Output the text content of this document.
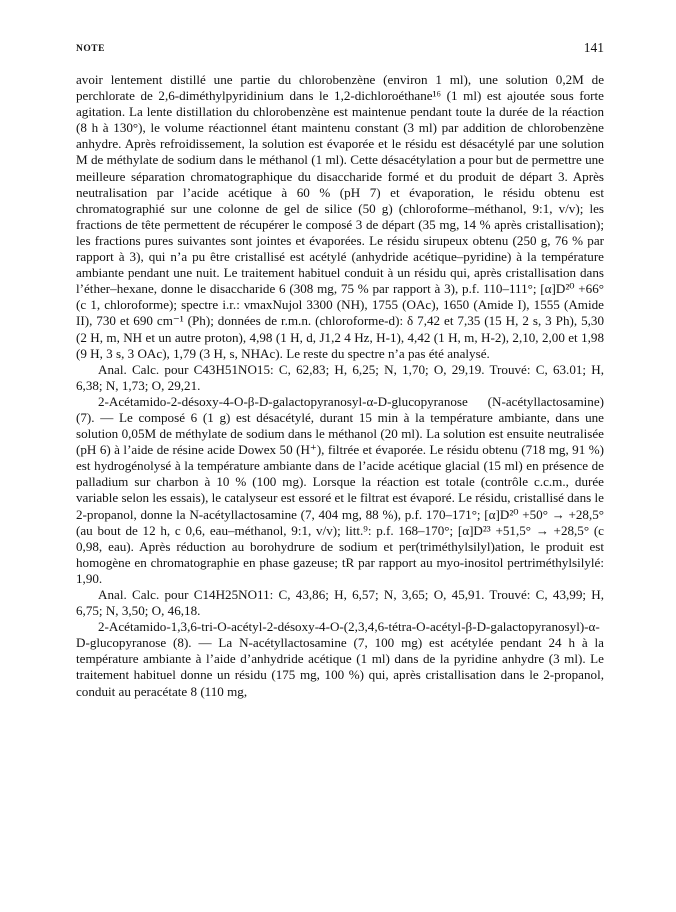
NOTE	141

avoir lentement distillé une partie du chlorobenzène (environ 1 ml), une solution 0,2M de perchlorate de 2,6-diméthylpyridinium dans le 1,2-dichloroéthane¹⁶ (1 ml) est ajoutée sous forte agitation. La lente distillation du chlorobenzène est maintenue pendant toute la durée de la réaction (8 h à 130°), le volume réactionnel étant maintenu constant (3 ml) par addition de chlorobenzène anhydre. Après refroidissement, la solution est évaporée et le résidu est désacétylé par une solution M de méthylate de sodium dans le méthanol (1 ml). Cette désacétylation a pour but de permettre une meilleure séparation chromatographique du disaccharide formé et du produit de départ 3. Après neutralisation par l’acide acétique à 60 % (pH 7) et évaporation, le résidu obtenu est chromatographié sur une colonne de gel de silice (50 g) (chloroforme–méthanol, 9:1, v/v); les fractions de tête permettent de récupérer le composé 3 de départ (35 mg, 14 % après cristallisation); les fractions pures suivantes sont jointes et évaporées. Le résidu sirupeux obtenu (250 g, 76 % par rapport à 3), qui n’a pu être cristallisé est acétylé (anhydride acétique–pyridine) à la température ambiante pendant une nuit. Le traitement habituel conduit à un résidu qui, après cristallisation dans l’éther–hexane, donne le disaccharide 6 (308 mg, 75 % par rapport à 3), p.f. 110–111°; [α]D²⁰ +66° (c 1, chloroforme); spectre i.r.: νmaxNujol 3300 (NH), 1755 (OAc), 1650 (Amide I), 1555 (Amide II), 730 et 690 cm⁻¹ (Ph); données de r.m.n. (chloroforme-d): δ 7,42 et 7,35 (15 H, 2 s, 3 Ph), 5,30 (2 H, m, NH et un autre proton), 4,98 (1 H, d, J1,2 4 Hz, H-1), 4,42 (1 H, m, H-2), 2,10, 2,00 et 1,98 (9 H, 3 s, 3 OAc), 1,79 (3 H, s, NHAc). Le reste du spectre n’a pas été analysé.

Anal. Calc. pour C43H51NO15: C, 62,83; H, 6,25; N, 1,70; O, 29,19. Trouvé: C, 63.01; H, 6,38; N, 1,73; O, 29,21.

2-Acétamido-2-désoxy-4-O-β-D-galactopyranosyl-α-D-glucopyranose (N-acétyllactosamine) (7). — Le composé 6 (1 g) est désacétylé, durant 15 min à la température ambiante, dans une solution 0,05M de méthylate de sodium dans le méthanol (20 ml). La solution est ensuite neutralisée (pH 6) à l’aide de résine acide Dowex 50 (H⁺), filtrée et évaporée. Le résidu obtenu (718 mg, 91 %) est hydrogénolysé à la température ambiante dans de l’acide acétique glacial (15 ml) en présence de palladium sur charbon à 10 % (100 mg). Lorsque la réaction est totale (contrôle c.c.m., durée variable selon les essais), le catalyseur est essoré et le filtrat est évaporé. Le résidu, cristallisé dans le 2-propanol, donne la N-acétyllactosamine (7, 404 mg, 88 %), p.f. 170–171°; [α]D²⁰ +50° → +28,5° (au bout de 12 h, c 0,6, eau–méthanol, 9:1, v/v); litt.⁹: p.f. 168–170°; [α]D²³ +51,5° → +28,5° (c 0,98, eau). Après réduction au borohydrure de sodium et per(triméthylsilyl)ation, le produit est homogène en chromatographie en phase gazeuse; tR par rapport au myo-inositol pertriméthylsilylé: 1,90.

Anal. Calc. pour C14H25NO11: C, 43,86; H, 6,57; N, 3,65; O, 45,91. Trouvé: C, 43,99; H, 6,75; N, 3,50; O, 46,18.

2-Acétamido-1,3,6-tri-O-acétyl-2-désoxy-4-O-(2,3,4,6-tétra-O-acétyl-β-D-galactopyranosyl)-α-D-glucopyranose (8). — La N-acétyllactosamine (7, 100 mg) est acétylée pendant 24 h à la température ambiante à l’aide d’anhydride acétique (1 ml) dans de la pyridine anhydre (3 ml). Le traitement habituel donne un résidu (175 mg, 100 %) qui, après cristallisation dans le 2-propanol, conduit au peracétate 8 (110 mg,
